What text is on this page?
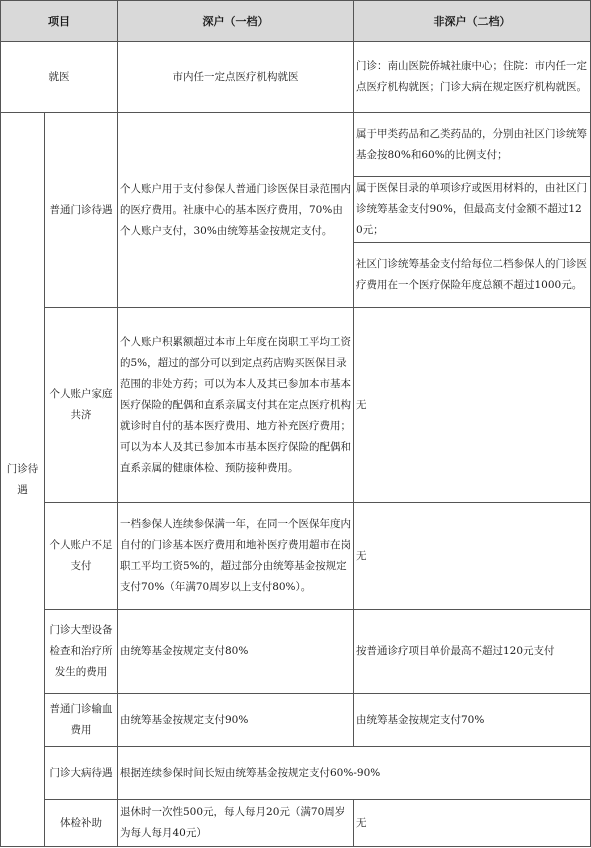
项目		深户（一档）	非深户（二档）
就医		市内任一定点医疗机构就医	门诊：南山医院侨城社康中心；住院：市内任一定点医疗机构就医；门诊大病在规定医疗机构就医。
门诊待遇	普通门诊待遇	个人账户用于支付参保人普通门诊医保目录范围内的医疗费用。社康中心的基本医疗费用，70%由个人账户支付，30%由统筹基金按规定支付。	属于甲类药品和乙类药品的，分别由社区门诊统筹基金按80%和60%的比例支付；
			属于医保目录的单项诊疗或医用材料的，由社区门诊统筹基金支付90%，但最高支付金额不超过120元；
			社区门诊统筹基金支付给每位二档参保人的门诊医疗费用在一个医疗保险年度总额不超过1000元。
	个人账户家庭共济	个人账户积累额超过本市上年度在岗职工平均工资的5%，超过的部分可以到定点药店购买医保目录范围的非处方药；可以为本人及其已参加本市基本医疗保险的配偶和直系亲属支付其在定点医疗机构就诊时自付的基本医疗费用、地方补充医疗费用；可以为本人及其已参加本市基本医疗保险的配偶和直系亲属的健康体检、预防接种费用。	无
	个人账户不足支付	一档参保人连续参保满一年，在同一个医保年度内自付的门诊基本医疗费用和地补医疗费用超市在岗职工平均工资5%的，超过部分由统筹基金按规定支付70%（年满70周岁以上支付80%）。	无
	门诊大型设备检查和治疗所发生的费用	由统筹基金按规定支付80%	按普通诊疗项目单价最高不超过120元支付
	普通门诊输血费用	由统筹基金按规定支付90%	由统筹基金按规定支付70%
	门诊大病待遇	根据连续参保时间长短由统筹基金按规定支付60%-90%	
	体检补助	退休时一次性500元，每人每月20元（满70周岁为每人每月40元）	无
